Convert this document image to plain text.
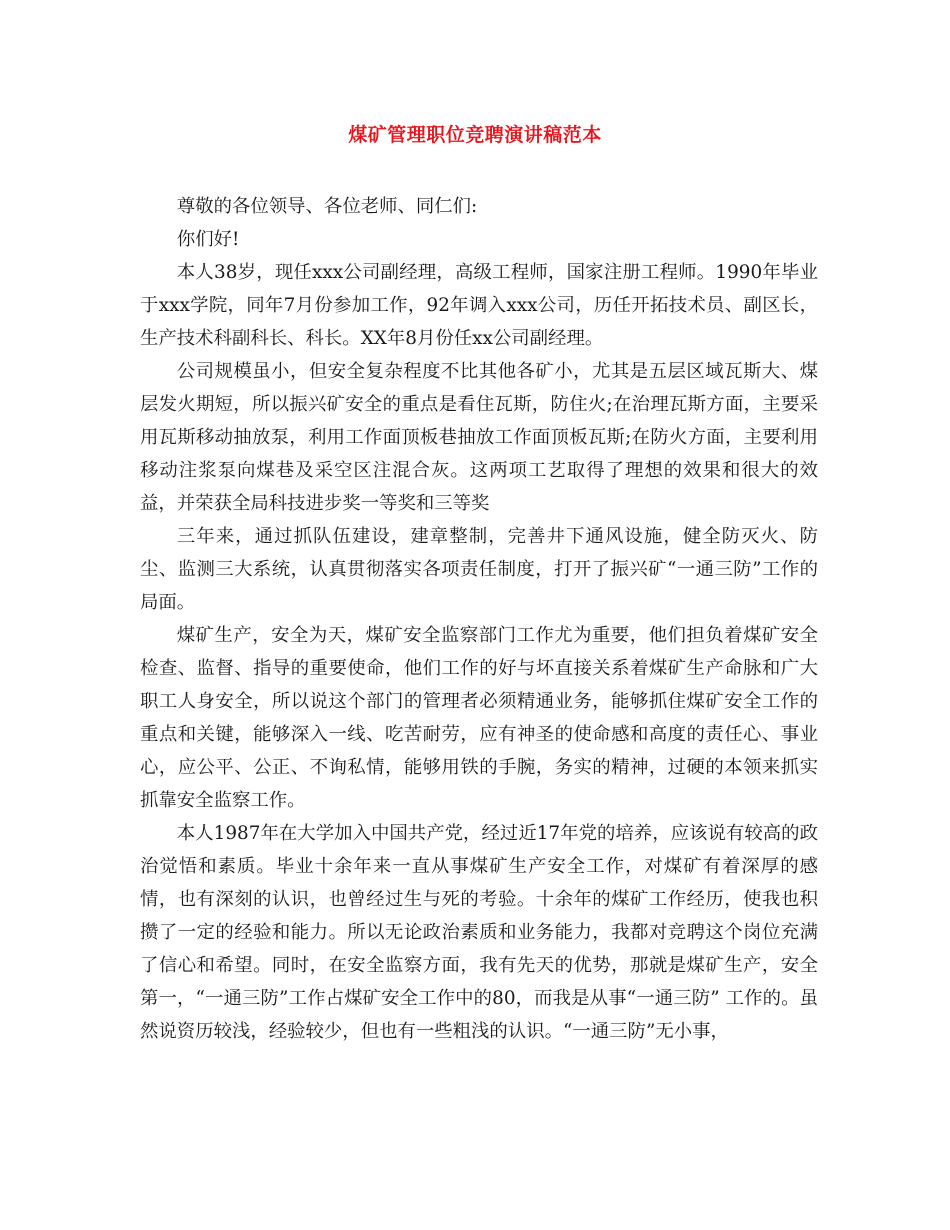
煤矿管理职位竞聘演讲稿范本

尊敬的各位领导、各位老师、同仁们:

你们好!

本人38岁，现任xxx公司副经理，高级工程师，国家注册工程师。1990年毕业于xxx学院，同年7月份参加工作，92年调入xxx公司，历任开拓技术员、副区长，生产技术科副科长、科长。XX年8月份任xx公司副经理。

公司规模虽小，但安全复杂程度不比其他各矿小，尤其是五层区域瓦斯大、煤层发火期短，所以振兴矿安全的重点是看住瓦斯，防住火;在治理瓦斯方面，主要采用瓦斯移动抽放泵，利用工作面顶板巷抽放工作面顶板瓦斯;在防火方面，主要利用移动注浆泵向煤巷及采空区注混合灰。这两项工艺取得了理想的效果和很大的效益，并荣获全局科技进步奖一等奖和三等奖

三年来，通过抓队伍建设，建章整制，完善井下通风设施，健全防灭火、防尘、监测三大系统，认真贯彻落实各项责任制度，打开了振兴矿“一通三防”工作的局面。

煤矿生产，安全为天，煤矿安全监察部门工作尤为重要，他们担负着煤矿安全检查、监督、指导的重要使命，他们工作的好与坏直接关系着煤矿生产命脉和广大职工人身安全，所以说这个部门的管理者必须精通业务，能够抓住煤矿安全工作的重点和关键，能够深入一线、吃苦耐劳，应有神圣的使命感和高度的责任心、事业心，应公平、公正、不询私情，能够用铁的手腕，务实的精神，过硬的本领来抓实抓靠安全监察工作。

本人1987年在大学加入中国共产党，经过近17年党的培养，应该说有较高的政治觉悟和素质。毕业十余年来一直从事煤矿生产安全工作，对煤矿有着深厚的感情，也有深刻的认识，也曾经过生与死的考验。十余年的煤矿工作经历，使我也积攒了一定的经验和能力。所以无论政治素质和业务能力，我都对竞聘这个岗位充满了信心和希望。同时，在安全监察方面，我有先天的优势，那就是煤矿生产，安全第一，“一通三防”工作占煤矿安全工作中的80，而我是从事“一通三防” 工作的。虽然说资历较浅，经验较少，但也有一些粗浅的认识。“一通三防”无小事，
